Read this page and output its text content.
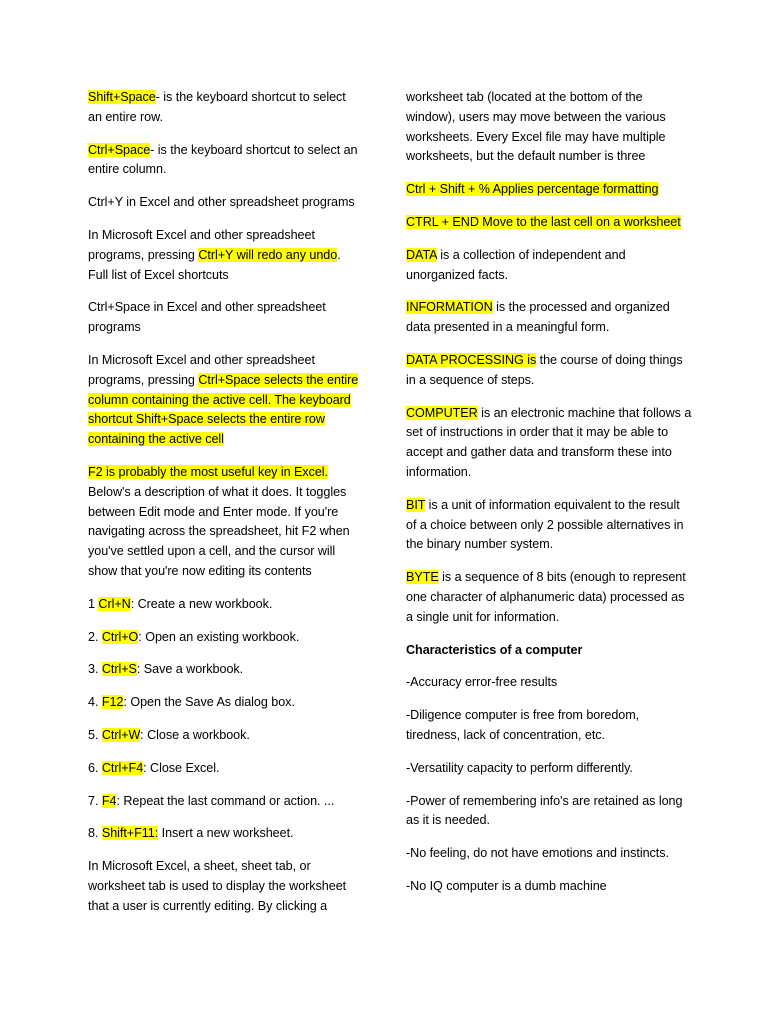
Shift+Space- is the keyboard shortcut to select an entire row.

Ctrl+Space- is the keyboard shortcut to select an entire column.

Ctrl+Y in Excel and other spreadsheet programs

In Microsoft Excel and other spreadsheet programs, pressing Ctrl+Y will redo any undo. Full list of Excel shortcuts

Ctrl+Space in Excel and other spreadsheet programs

In Microsoft Excel and other spreadsheet programs, pressing Ctrl+Space selects the entire column containing the active cell. The keyboard shortcut Shift+Space selects the entire row containing the active cell

F2 is probably the most useful key in Excel. Below's a description of what it does. It toggles between Edit mode and Enter mode. If you're navigating across the spreadsheet, hit F2 when you've settled upon a cell, and the cursor will show that you're now editing its contents

1 Crl+N: Create a new workbook.

2. Ctrl+O: Open an existing workbook.

3. Ctrl+S: Save a workbook.

4. F12: Open the Save As dialog box.

5. Ctrl+W: Close a workbook.

6. Ctrl+F4: Close Excel.

7. F4: Repeat the last command or action. ...

8. Shift+F11: Insert a new worksheet.

In Microsoft Excel, a sheet, sheet tab, or worksheet tab is used to display the worksheet that a user is currently editing. By clicking a

worksheet tab (located at the bottom of the window), users may move between the various worksheets. Every Excel file may have multiple worksheets, but the default number is three

Ctrl + Shift + % Applies percentage formatting

CTRL + END Move to the last cell on a worksheet

DATA is a collection of independent and unorganized facts.

INFORMATION is the processed and organized data presented in a meaningful form.

DATA PROCESSING is the course of doing things in a sequence of steps.

COMPUTER is an electronic machine that follows a set of instructions in order that it may be able to accept and gather data and transform these into information.

BIT is a unit of information equivalent to the result of a choice between only 2 possible alternatives in the binary number system.

BYTE is a sequence of 8 bits (enough to represent one character of alphanumeric data) processed as a single unit for information.

Characteristics of a computer

-Accuracy error-free results

-Diligence computer is free from boredom, tiredness, lack of concentration, etc.

-Versatility capacity to perform differently.

-Power of remembering info's are retained as long as it is needed.

-No feeling, do not have emotions and instincts.

-No IQ computer is a dumb machine
